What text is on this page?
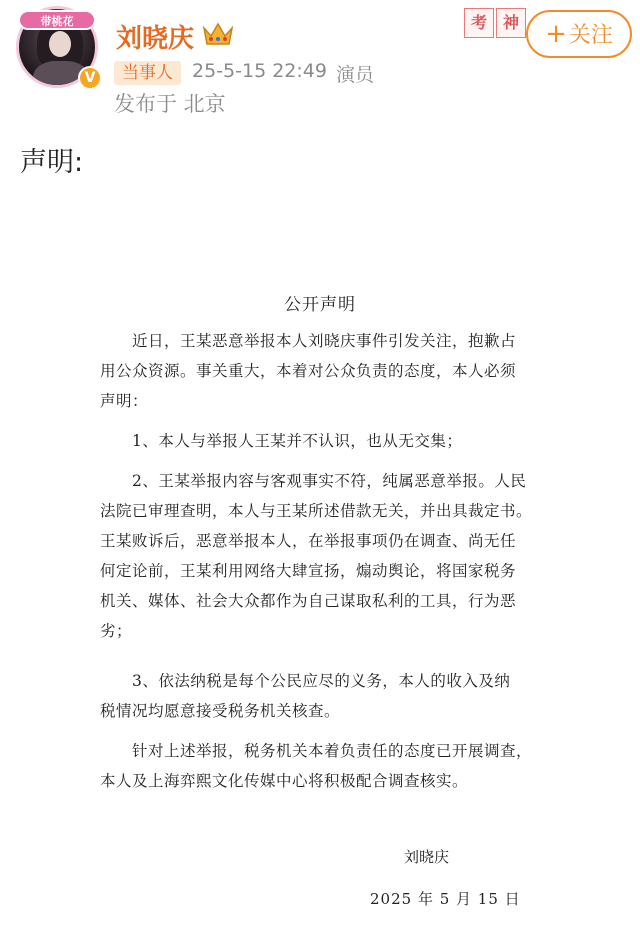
带桃花
V
刘晓庆
考 神	+关注
当事人	25-5-15 22:49 演员
发布于 北京
声明:
公开声明
近日，王某恶意举报本人刘晓庆事件引发关注，抱歉占
用公众资源。事关重大，本着对公众负责的态度，本人必须
声明：
1、本人与举报人王某并不认识，也从无交集；
2、王某举报内容与客观事实不符，纯属恶意举报。人民
法院已审理查明，本人与王某所述借款无关，并出具裁定书。
王某败诉后，恶意举报本人，在举报事项仍在调查、尚无任
何定论前，王某利用网络大肆宣扬，煽动舆论，将国家税务
机关、媒体、社会大众都作为自己谋取私利的工具，行为恶
劣；
3、依法纳税是每个公民应尽的义务，本人的收入及纳
税情况均愿意接受税务机关核查。
针对上述举报，税务机关本着负责任的态度已开展调查，
本人及上海弈熙文化传媒中心将积极配合调查核实。
刘晓庆
2025 年 5 月 15 日
